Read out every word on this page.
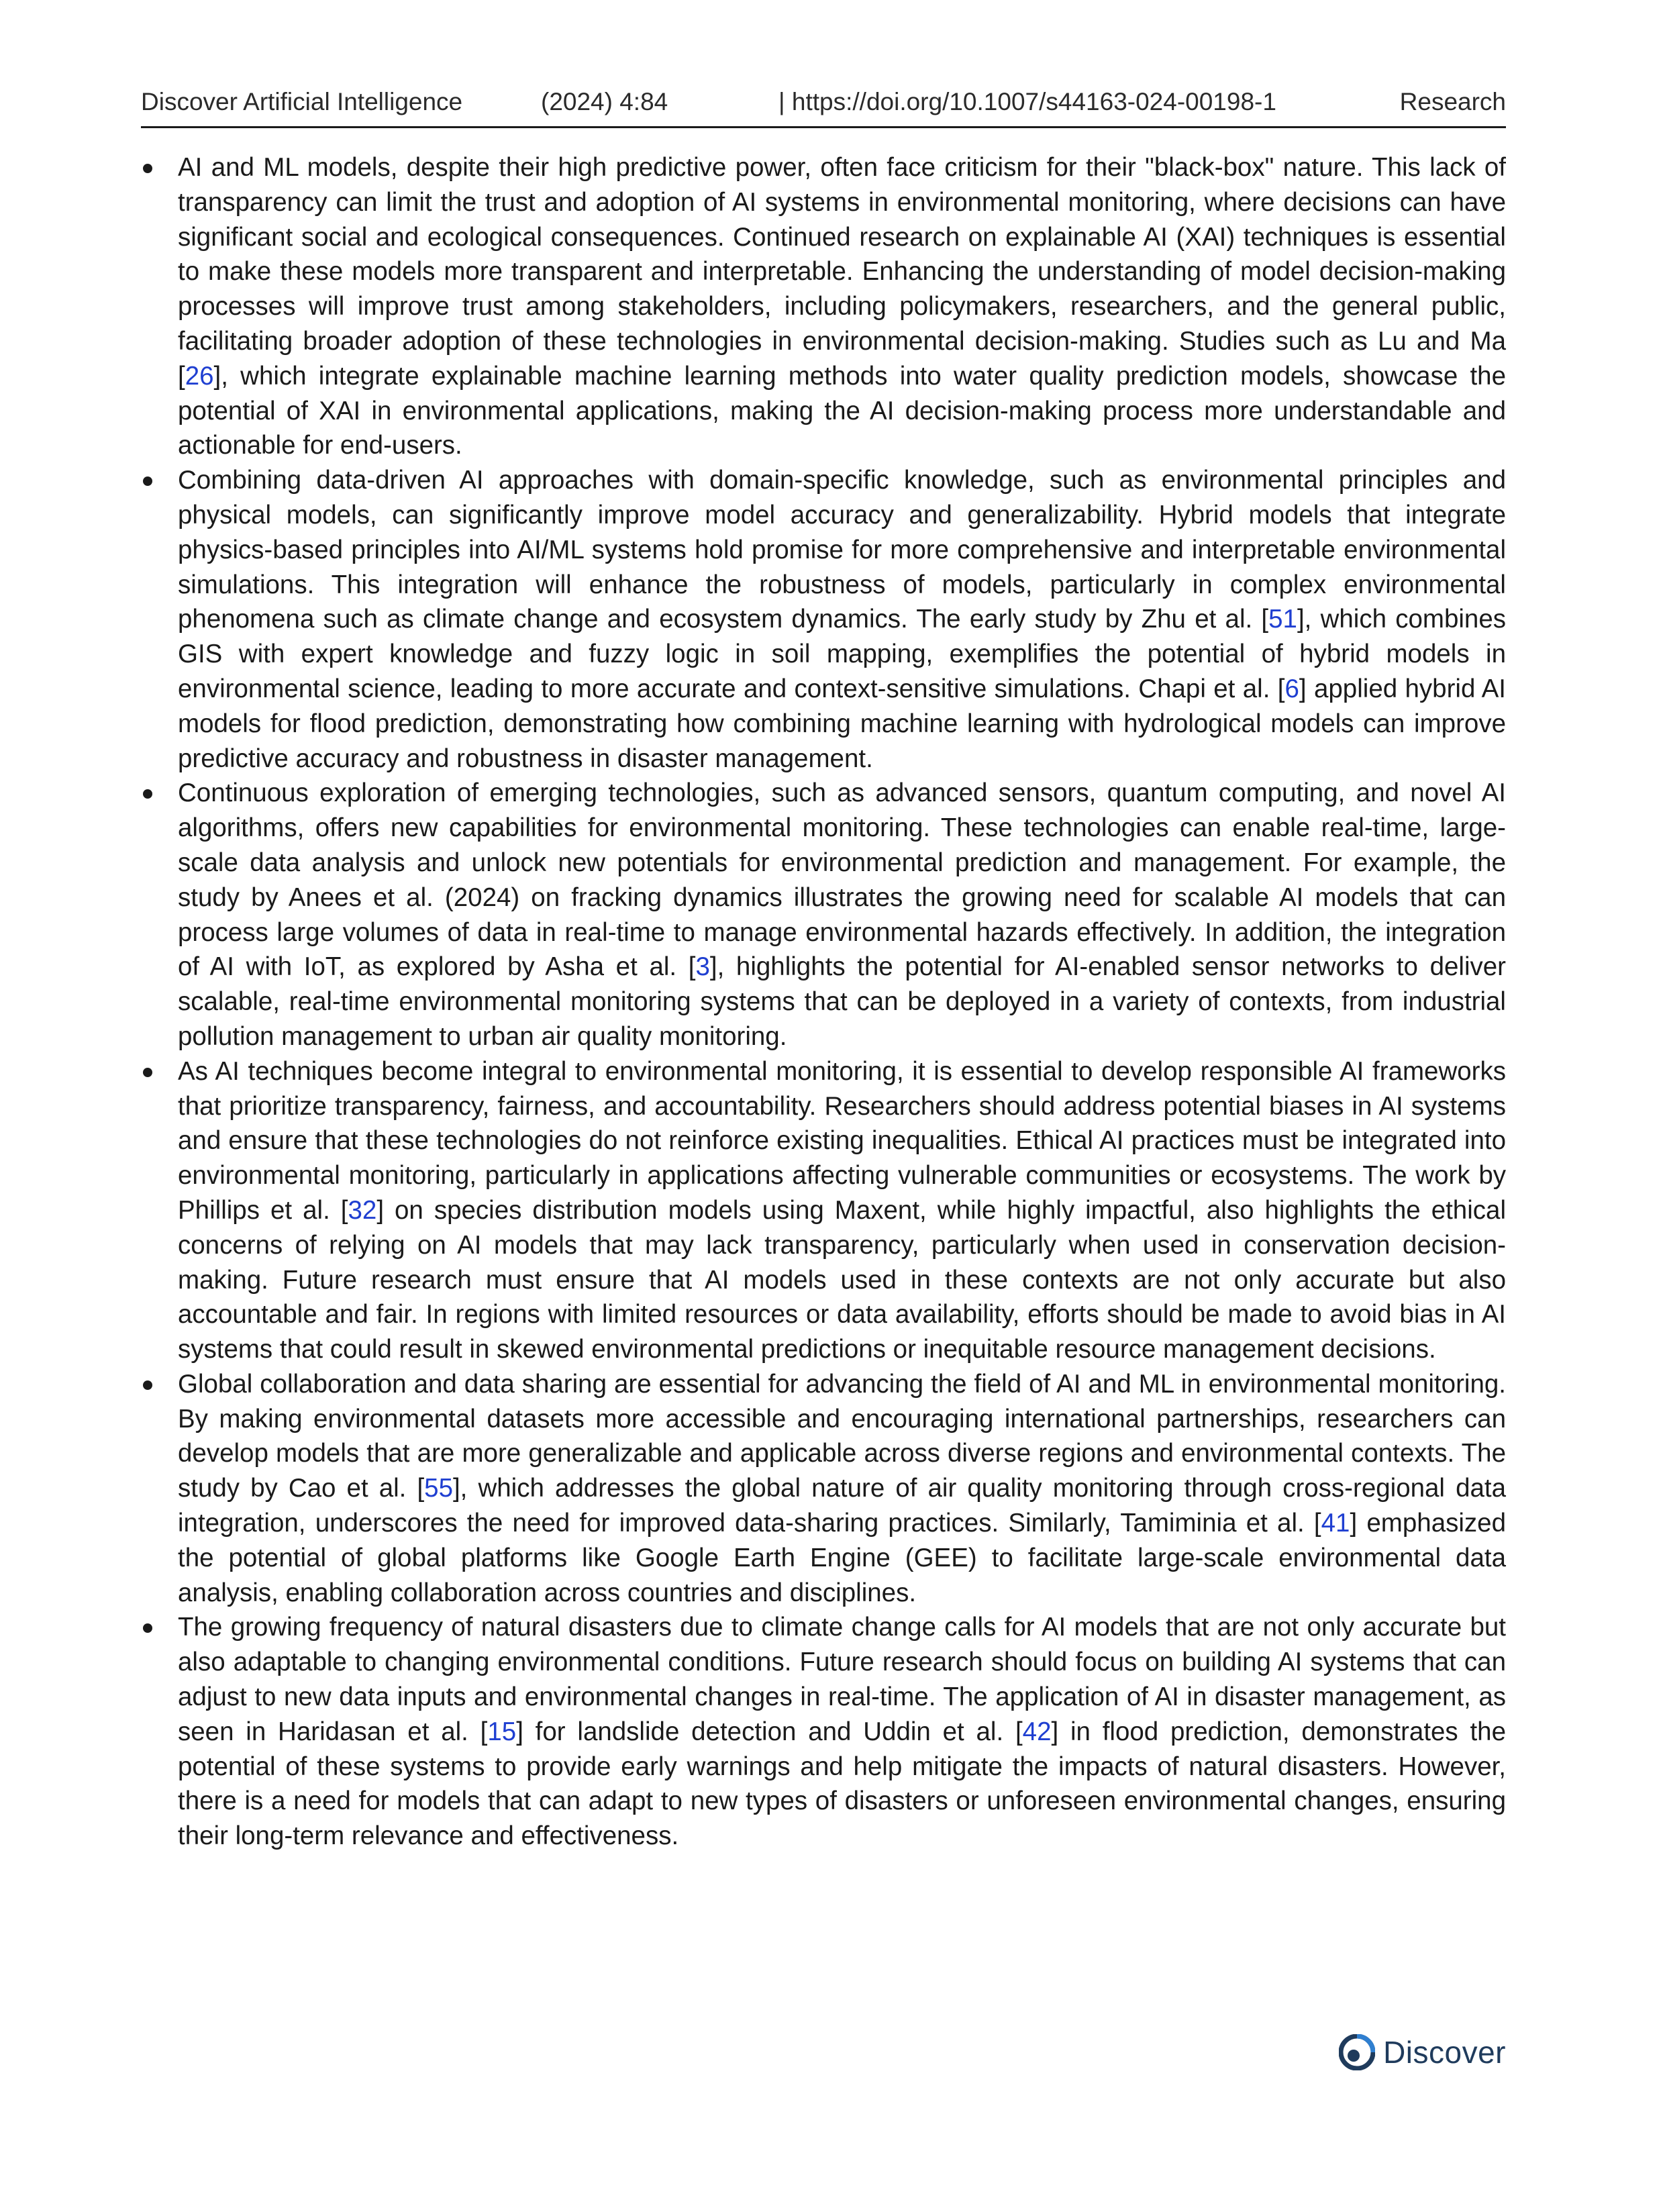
Discover Artificial Intelligence	(2024) 4:84	| https://doi.org/10.1007/s44163-024-00198-1	Research
AI and ML models, despite their high predictive power, often face criticism for their "black-box" nature. This lack of transparency can limit the trust and adoption of AI systems in environmental monitoring, where decisions can have significant social and ecological consequences. Continued research on explainable AI (XAI) techniques is essential to make these models more transparent and interpretable. Enhancing the understanding of model decision-making processes will improve trust among stakeholders, including policymakers, researchers, and the general public, facilitating broader adoption of these technologies in environmental decision-making. Studies such as Lu and Ma [26], which integrate explainable machine learning methods into water quality prediction models, showcase the potential of XAI in environmental applications, making the AI decision-making process more understandable and actionable for end-users.
Combining data-driven AI approaches with domain-specific knowledge, such as environmental principles and physical models, can significantly improve model accuracy and generalizability. Hybrid models that integrate physics-based principles into AI/ML systems hold promise for more comprehensive and interpretable environmental simulations. This integration will enhance the robustness of models, particularly in complex environmental phenomena such as climate change and ecosystem dynamics. The early study by Zhu et al. [51], which combines GIS with expert knowledge and fuzzy logic in soil mapping, exemplifies the potential of hybrid models in environmental science, leading to more accurate and context-sensitive simulations. Chapi et al. [6] applied hybrid AI models for flood prediction, demonstrating how combining machine learning with hydrological models can improve predictive accuracy and robustness in disaster management.
Continuous exploration of emerging technologies, such as advanced sensors, quantum computing, and novel AI algorithms, offers new capabilities for environmental monitoring. These technologies can enable real-time, large-scale data analysis and unlock new potentials for environmental prediction and management. For example, the study by Anees et al. (2024) on fracking dynamics illustrates the growing need for scalable AI models that can process large volumes of data in real-time to manage environmental hazards effectively. In addition, the integration of AI with IoT, as explored by Asha et al. [3], highlights the potential for AI-enabled sensor networks to deliver scalable, real-time environmental monitoring systems that can be deployed in a variety of contexts, from industrial pollution management to urban air quality monitoring.
As AI techniques become integral to environmental monitoring, it is essential to develop responsible AI frameworks that prioritize transparency, fairness, and accountability. Researchers should address potential biases in AI systems and ensure that these technologies do not reinforce existing inequalities. Ethical AI practices must be integrated into environmental monitoring, particularly in applications affecting vulnerable communities or ecosystems. The work by Phillips et al. [32] on species distribution models using Maxent, while highly impactful, also highlights the ethical concerns of relying on AI models that may lack transparency, particularly when used in conservation decision-making. Future research must ensure that AI models used in these contexts are not only accurate but also accountable and fair. In regions with limited resources or data availability, efforts should be made to avoid bias in AI systems that could result in skewed environmental predictions or inequitable resource management decisions.
Global collaboration and data sharing are essential for advancing the field of AI and ML in environmental monitoring. By making environmental datasets more accessible and encouraging international partnerships, researchers can develop models that are more generalizable and applicable across diverse regions and environmental contexts. The study by Cao et al. [55], which addresses the global nature of air quality monitoring through cross-regional data integration, underscores the need for improved data-sharing practices. Similarly, Tamiminia et al. [41] emphasized the potential of global platforms like Google Earth Engine (GEE) to facilitate large-scale environmental data analysis, enabling collaboration across countries and disciplines.
The growing frequency of natural disasters due to climate change calls for AI models that are not only accurate but also adaptable to changing environmental conditions. Future research should focus on building AI systems that can adjust to new data inputs and environmental changes in real-time. The application of AI in disaster management, as seen in Haridasan et al. [15] for landslide detection and Uddin et al. [42] in flood prediction, demonstrates the potential of these systems to provide early warnings and help mitigate the impacts of natural disasters. However, there is a need for models that can adapt to new types of disasters or unforeseen environmental changes, ensuring their long-term relevance and effectiveness.
Discover
